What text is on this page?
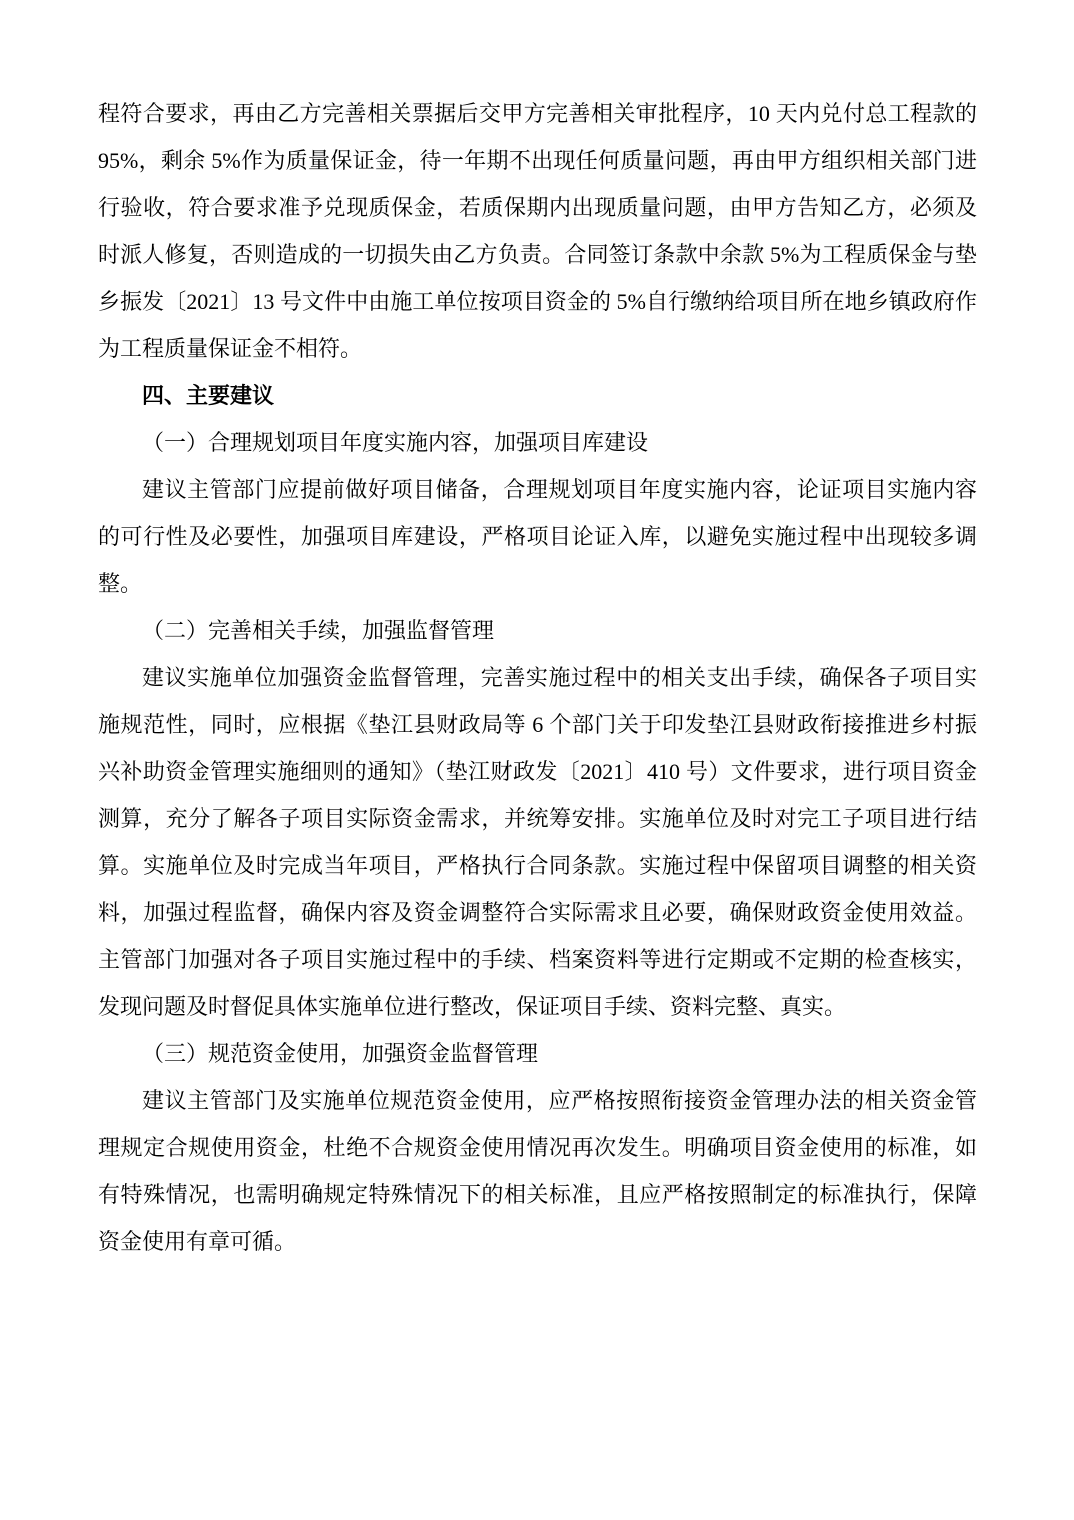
程符合要求，再由乙方完善相关票据后交甲方完善相关审批程序，10 天内兑付总工程款的 95%，剩余 5%作为质量保证金，待一年期不出现任何质量问题，再由甲方组织相关部门进行验收，符合要求准予兑现质保金，若质保期内出现质量问题，由甲方告知乙方，必须及时派人修复，否则造成的一切损失由乙方负责。合同签订条款中余款 5%为工程质保金与垫乡振发〔2021〕13 号文件中由施工单位按项目资金的 5%自行缴纳给项目所在地乡镇政府作为工程质量保证金不相符。

四、主要建议

（一）合理规划项目年度实施内容，加强项目库建设

建议主管部门应提前做好项目储备，合理规划项目年度实施内容，论证项目实施内容的可行性及必要性，加强项目库建设，严格项目论证入库，以避免实施过程中出现较多调整。

（二）完善相关手续，加强监督管理

建议实施单位加强资金监督管理，完善实施过程中的相关支出手续，确保各子项目实施规范性，同时，应根据《垫江县财政局等 6 个部门关于印发垫江县财政衔接推进乡村振兴补助资金管理实施细则的通知》（垫江财政发〔2021〕410 号）文件要求，进行项目资金测算，充分了解各子项目实际资金需求，并统筹安排。实施单位及时对完工子项目进行结算。实施单位及时完成当年项目，严格执行合同条款。实施过程中保留项目调整的相关资料，加强过程监督，确保内容及资金调整符合实际需求且必要，确保财政资金使用效益。主管部门加强对各子项目实施过程中的手续、档案资料等进行定期或不定期的检查核实，发现问题及时督促具体实施单位进行整改，保证项目手续、资料完整、真实。

（三）规范资金使用，加强资金监督管理

建议主管部门及实施单位规范资金使用，应严格按照衔接资金管理办法的相关资金管理规定合规使用资金，杜绝不合规资金使用情况再次发生。明确项目资金使用的标准，如有特殊情况，也需明确规定特殊情况下的相关标准，且应严格按照制定的标准执行，保障资金使用有章可循。
